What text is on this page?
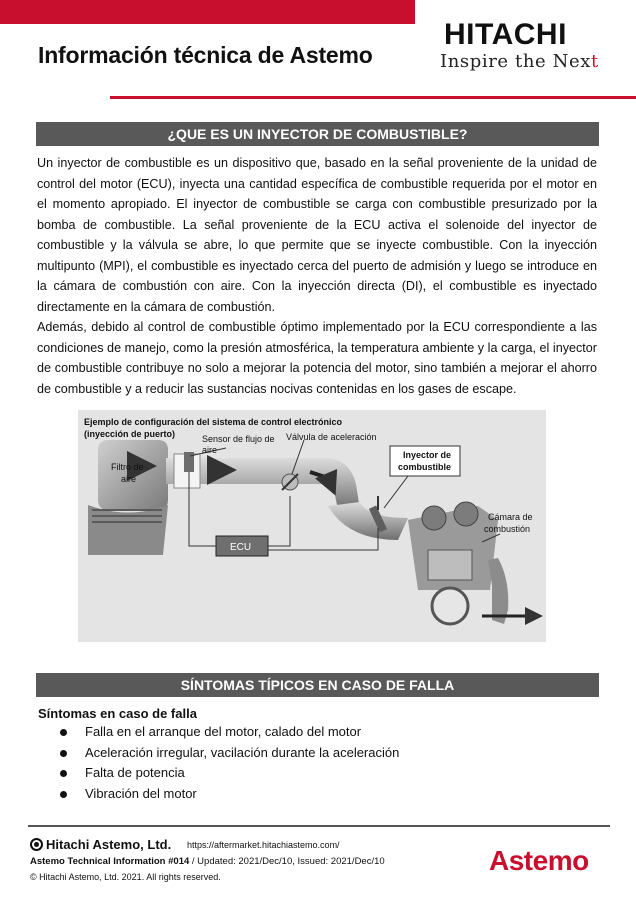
Información técnica de Astemo
HITACHI
Inspire the Next
¿QUE ES UN INYECTOR DE COMBUSTIBLE?

Un inyector de combustible es un dispositivo que, basado en la señal proveniente de la unidad de control del motor (ECU), inyecta una cantidad específica de combustible requerida por el motor en el momento apropiado. El inyector de combustible se carga con combustible presurizado por la bomba de combustible. La señal proveniente de la ECU activa el solenoide del inyector de combustible y la válvula se abre, lo que permite que se inyecte combustible. Con la inyección multipunto (MPI), el combustible es inyectado cerca del puerto de admisión y luego se introduce en la cámara de combustión con aire. Con la inyección directa (DI), el combustible es inyectado directamente en la cámara de combustión.

Además, debido al control de combustible óptimo implementado por la ECU correspondiente a las condiciones de manejo, como la presión atmosférica, la temperatura ambiente y la carga, el inyector de combustible contribuye no solo a mejorar la potencia del motor, sino también a mejorar el ahorro de combustible y a reducir las sustancias nocivas contenidas en los gases de escape.

Ejemplo de configuración del sistema de control electrónico
(inyección de puerto)
Filtro de
aire
Sensor de flujo de
aire
Válvula de aceleración
Inyector de
combustible
Cámara de
combustión
ECU
SÍNTOMAS TÍPICOS EN CASO DE FALLA
Síntomas en caso de falla
Falla en el arranque del motor, calado del motor
Aceleración irregular, vacilación durante la aceleración
Falta de potencia
Vibración del motor
Hitachi Astemo, Ltd. https://aftermarket.hitachiastemo.com/
Astemo Technical Information #014 / Updated: 2021/Dec/10, Issued: 2021/Dec/10
© Hitachi Astemo, Ltd. 2021. All rights reserved.
Astemo
